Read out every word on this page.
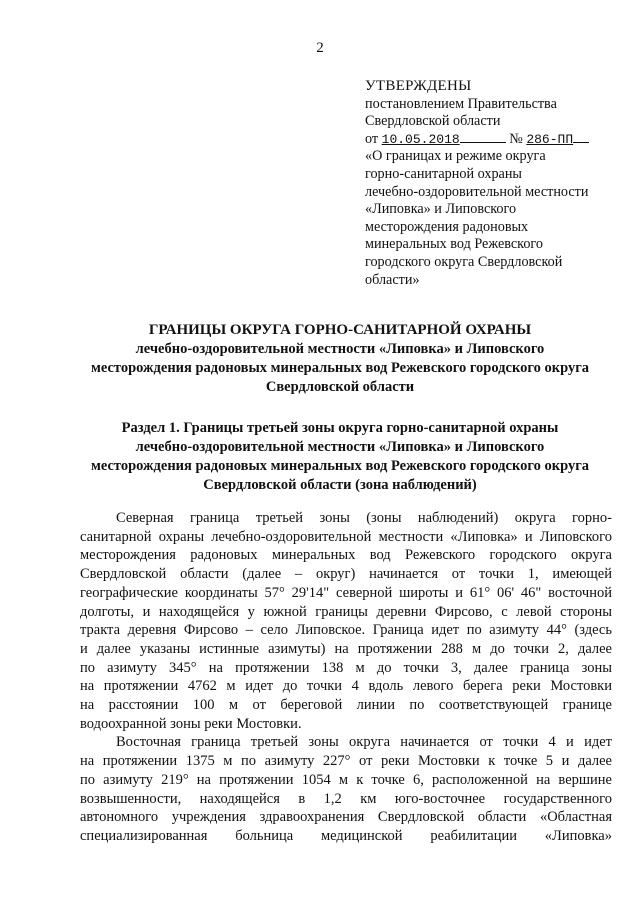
2
УТВЕРЖДЕНЫ
постановлением Правительства
Свердловской области
от 10.05.2018	№ 286-ПП
«О границах и режиме округа
горно-санитарной охраны
лечебно-оздоровительной местности
«Липовка» и Липовского
месторождения радоновых
минеральных вод Режевского
городского округа Свердловской
области»
ГРАНИЦЫ ОКРУГА ГОРНО-САНИТАРНОЙ ОХРАНЫ
лечебно-оздоровительной местности «Липовка» и Липовского
месторождения радоновых минеральных вод Режевского городского округа
Свердловской области
Раздел 1. Границы третьей зоны округа горно-санитарной охраны
лечебно-оздоровительной местности «Липовка» и Липовского
месторождения радоновых минеральных вод Режевского городского округа
Свердловской области (зона наблюдений)
Северная граница третьей зоны (зоны наблюдений) округа горно-
санитарной охраны лечебно-оздоровительной местности «Липовка» и Липовского
месторождения радоновых минеральных вод Режевского городского округа
Свердловской области (далее – округ) начинается от точки 1, имеющей
географические координаты 57° 29'14" северной широты и 61° 06' 46" восточной
долготы, и находящейся у южной границы деревни Фирсово, с левой стороны
тракта деревня Фирсово – село Липовское. Граница идет по азимуту 44° (здесь
и далее указаны истинные азимуты) на протяжении 288 м до точки 2, далее
по азимуту 345° на протяжении 138 м до точки 3, далее граница зоны
на протяжении 4762 м идет до точки 4 вдоль левого берега реки Мостовки
на расстоянии 100 м от береговой линии по соответствующей границе
водоохранной зоны реки Мостовки.
Восточная граница третьей зоны округа начинается от точки 4 и идет
на протяжении 1375 м по азимуту 227° от реки Мостовки к точке 5 и далее
по азимуту 219° на протяжении 1054 м к точке 6, расположенной на вершине
возвышенности, находящейся в 1,2 км юго-восточнее государственного
автономного учреждения здравоохранения Свердловской области «Областная
специализированная больница медицинской реабилитации «Липовка»
